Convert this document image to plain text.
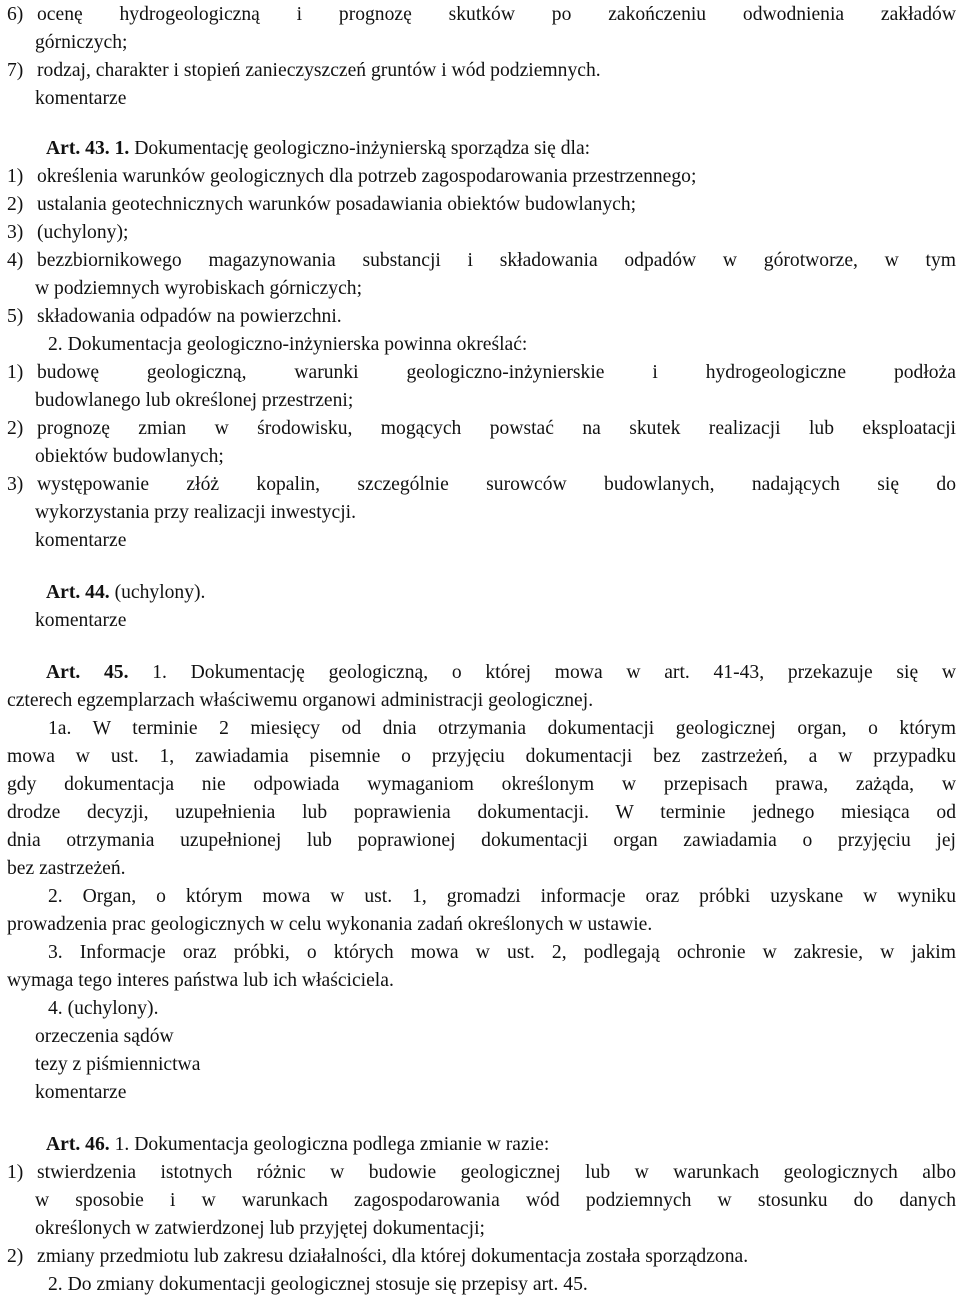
6) ocenę hydrogeologiczną i prognozę skutków po zakończeniu odwodnienia zakładów
górniczych;
7) rodzaj, charakter i stopień zanieczyszczeń gruntów i wód podziemnych.
komentarze
Art. 43. 1. Dokumentację geologiczno-inżynierską sporządza się dla:
1) określenia warunków geologicznych dla potrzeb zagospodarowania przestrzennego;
2) ustalania geotechnicznych warunków posadawiania obiektów budowlanych;
3) (uchylony);
4) bezzbiornikowego magazynowania substancji i składowania odpadów w górotworze, w tym
w podziemnych wyrobiskach górniczych;
5) składowania odpadów na powierzchni.
2. Dokumentacja geologiczno-inżynierska powinna określać:
1) budowę geologiczną, warunki geologiczno-inżynierskie i hydrogeologiczne podłoża
budowlanego lub określonej przestrzeni;
2) prognozę zmian w środowisku, mogących powstać na skutek realizacji lub eksploatacji
obiektów budowlanych;
3) występowanie złóż kopalin, szczególnie surowców budowlanych, nadających się do
wykorzystania przy realizacji inwestycji.
komentarze
Art. 44. (uchylony).
komentarze
Art. 45. 1. Dokumentację geologiczną, o której mowa w art. 41-43, przekazuje się w
czterech egzemplarzach właściwemu organowi administracji geologicznej.
1a. W terminie 2 miesięcy od dnia otrzymania dokumentacji geologicznej organ, o którym
mowa w ust. 1, zawiadamia pisemnie o przyjęciu dokumentacji bez zastrzeżeń, a w przypadku
gdy dokumentacja nie odpowiada wymaganiom określonym w przepisach prawa, zażąda, w
drodze decyzji, uzupełnienia lub poprawienia dokumentacji. W terminie jednego miesiąca od
dnia otrzymania uzupełnionej lub poprawionej dokumentacji organ zawiadamia o przyjęciu jej
bez zastrzeżeń.
2. Organ, o którym mowa w ust. 1, gromadzi informacje oraz próbki uzyskane w wyniku
prowadzenia prac geologicznych w celu wykonania zadań określonych w ustawie.
3. Informacje oraz próbki, o których mowa w ust. 2, podlegają ochronie w zakresie, w jakim
wymaga tego interes państwa lub ich właściciela.
4. (uchylony).
orzeczenia sądów
tezy z piśmiennictwa
komentarze
Art. 46. 1. Dokumentacja geologiczna podlega zmianie w razie:
1) stwierdzenia istotnych różnic w budowie geologicznej lub w warunkach geologicznych albo
w sposobie i w warunkach zagospodarowania wód podziemnych w stosunku do danych
określonych w zatwierdzonej lub przyjętej dokumentacji;
2) zmiany przedmiotu lub zakresu działalności, dla której dokumentacja została sporządzona.
2. Do zmiany dokumentacji geologicznej stosuje się przepisy art. 45.
